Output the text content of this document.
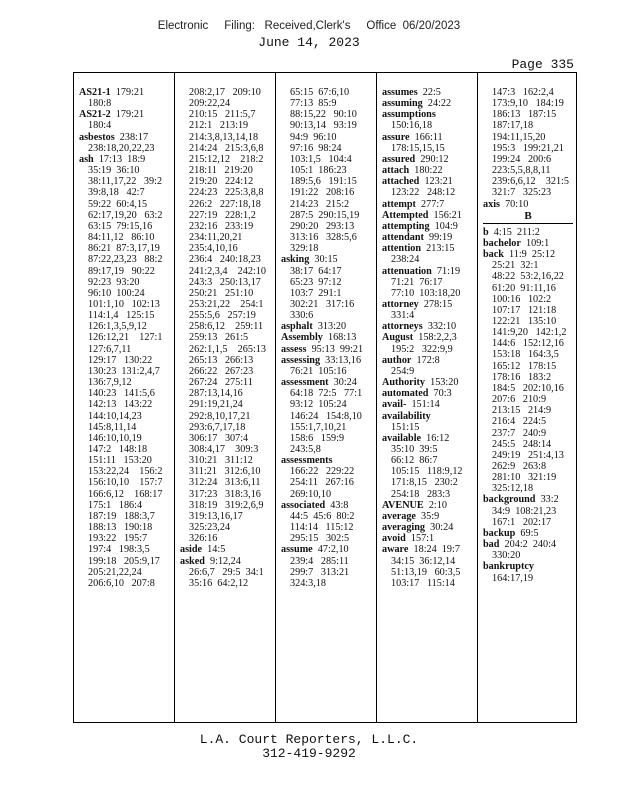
Electronic     Filing:   Received,Clerk's     Office  06/20/2023
June 14, 2023
Page 335
AS21-1 179:21
180:8
AS21-2 179:21
180:4
asbestos 238:17
238:18,20,22,23
ash 17:13  18:9
35:19  36:10
38:11,17,22   39:2
39:8,18   42:7
59:22  60:4,15
62:17,19,20   63:2
63:15  79:15,16
84:11,12   86:10
86:21  87:3,17,19
87:22,23,23   88:2
89:17,19   90:22
92:23  93:20
96:10  100:24
101:1,10   102:13
114:1,4   125:15
126:1,3,5,9,12
126:12,21    127:1
127:6,7,11
129:17   130:22
130:23  131:2,4,7
136:7,9,12
140:23   141:5,6
142:13   143:22
144:10,14,23
145:8,11,14
146:10,10,19
147:2   148:18
151:11   153:20
153:22,24    156:2
156:10,10    157:7
166:6,12    168:17
175:1   186:4
187:19   188:3,7
188:13   190:18
193:22   195:7
197:4   198:3,5
199:18   205:9,17
205:21,22,24
206:6,10   207:8
208:2,17   209:10
209:22,24
210:15   211:5,7
212:1   213:19
214:3,8,13,14,18
214:24   215:3,6,8
215:12,12    218:2
218:11   219:20
219:20   224:12
224:23   225:3,8,8
226:2   227:18,18
227:19   228:1,2
232:16   233:19
234:11,20,21
235:4,10,16
236:4   240:18,23
241:2,3,4    242:10
243:3   250:13,17
250:21   251:10
253:21,22    254:1
255:5,6   257:19
258:6,12    259:11
259:13   261:5
262:1,1,5    265:13
265:13   266:13
266:22   267:23
267:24   275:11
287:13,14,16
291:19,21,24
292:8,10,17,21
293:6,7,17,18
306:17   307:4
308:4,17    309:3
310:21   311:12
311:21   312:6,10
312:24   313:6,11
317:23   318:3,16
318:19   319:2,6,9
319:13,16,17
325:23,24
326:16
aside 14:5
asked 9:12,24
26:6,7   29:5  34:1
35:16  64:2,12
65:15  67:6,10
77:13  85:9
88:15,22   90:10
90:13,14   93:19
94:9  96:10
97:16  98:24
103:1,5   104:4
105:1  186:23
189:5,6   191:15
191:22   208:16
214:23   215:2
287:5  290:15,19
290:20   293:13
313:16   328:5,6
329:18
asking 30:15
38:17  64:17
65:23  97:12
103:7  291:1
302:21   317:16
330:6
asphalt 313:20
Assembly 168:13
assess 95:13  99:21
assessing 33:13,16
76:21  105:16
assessment 30:24
64:18  72:5   77:1
93:12  105:24
146:24   154:8,10
155:1,7,10,21
158:6   159:9
243:5,8
assessments
166:22   229:22
254:11   267:16
269:10,10
associated 43:8
44:5  45:6  80:2
114:14   115:12
295:15   302:5
assume 47:2,10
239:4   285:11
299:7   313:21
324:3,18
assumes 22:5
assuming 24:22
assumptions
150:16,18
assure 166:11
178:15,15,15
assured 290:12
attach 180:22
attached 123:21
123:22   248:12
attempt 277:7
Attempted 156:21
attempting 104:9
attendant 99:19
attention 213:15
238:24
attenuation 71:19
71:21  76:17
77:10  103:18,20
attorney 278:15
331:4
attorneys 332:10
August 158:2,2,3
195:2   322:9,9
author 172:8
254:9
Authority 153:20
automated 70:3
avail- 151:14
availability
151:15
available 16:12
35:10  39:5
66:12  86:7
105:15   118:9,12
171:8,15   230:2
254:18   283:3
AVENUE 2:10
average 35:9
averaging 30:24
avoid 157:1
aware 18:24  19:7
34:15  36:12,14
51:13,19   60:3,5
103:17   115:14
147:3   162:2,4
173:9,10   184:19
186:13   187:15
187:17,18
194:11,15,20
195:3   199:21,21
199:24   200:6
223:5,5,8,8,11
239:6,6,12    321:5
321:7   325:23
axis 70:10
B
b 4:15  211:2
bachelor 109:1
back 11:9  25:12
25:21  32:1
48:22  53:2,16,22
61:20  91:11,16
100:16   102:2
107:17   121:18
122:21   135:10
141:9,20   142:1,2
144:6   152:12,16
153:18   164:3,5
165:12   178:15
178:16   183:2
184:5   202:10,16
207:6   210:9
213:15   214:9
216:4   224:5
237:7   240:9
245:5   248:14
249:19   251:4,13
262:9   263:8
281:10   321:19
325:12,18
background 33:2
34:9  108:21,23
167:1   202:17
backup 69:5
bad 204:2  240:4
330:20
bankruptcy
164:17,19
L.A. Court Reporters, L.L.C.
312-419-9292
